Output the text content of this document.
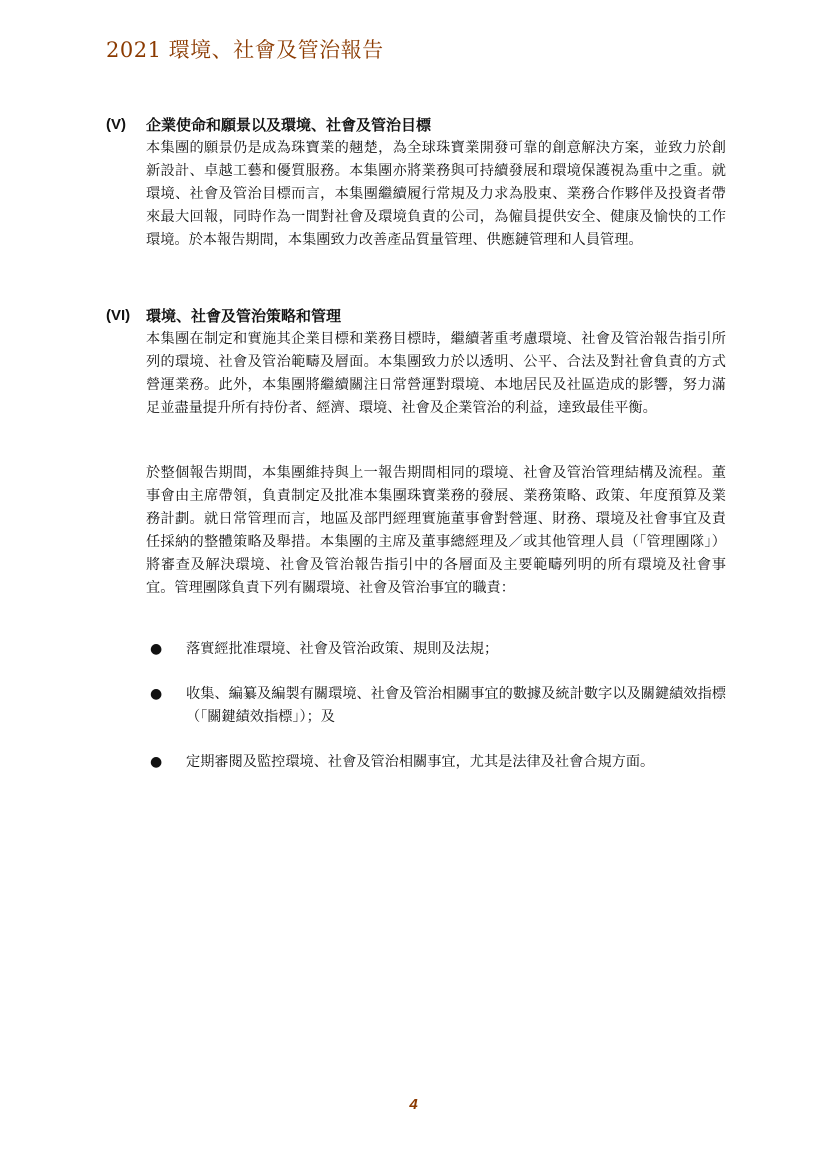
2021 環境、社會及管治報告
(V)	企業使命和願景以及環境、社會及管治目標
本集團的願景仍是成為珠寶業的翹楚，為全球珠寶業開發可靠的創意解決方案，並致力於創新設計、卓越工藝和優質服務。本集團亦將業務與可持續發展和環境保護視為重中之重。就環境、社會及管治目標而言，本集團繼續履行常規及力求為股東、業務合作夥伴及投資者帶來最大回報，同時作為一間對社會及環境負責的公司，為僱員提供安全、健康及愉快的工作環境。於本報告期間，本集團致力改善產品質量管理、供應鏈管理和人員管理。
(VI)	環境、社會及管治策略和管理
本集團在制定和實施其企業目標和業務目標時，繼續著重考慮環境、社會及管治報告指引所列的環境、社會及管治範疇及層面。本集團致力於以透明、公平、合法及對社會負責的方式營運業務。此外，本集團將繼續關注日常營運對環境、本地居民及社區造成的影響，努力滿足並盡量提升所有持份者、經濟、環境、社會及企業管治的利益，達致最佳平衡。
於整個報告期間，本集團維持與上一報告期間相同的環境、社會及管治管理結構及流程。董事會由主席帶領，負責制定及批准本集團珠寶業務的發展、業務策略、政策、年度預算及業務計劃。就日常管理而言，地區及部門經理實施董事會對營運、財務、環境及社會事宜及責任採納的整體策略及舉措。本集團的主席及董事總經理及／或其他管理人員（「管理團隊」）將審查及解決環境、社會及管治報告指引中的各層面及主要範疇列明的所有環境及社會事宜。管理團隊負責下列有關環境、社會及管治事宜的職責：
●	落實經批准環境、社會及管治政策、規則及法規；
●	收集、編纂及編製有關環境、社會及管治相關事宜的數據及統計數字以及關鍵績效指標（「關鍵績效指標」）；及
●	定期審閱及監控環境、社會及管治相關事宜，尤其是法律及社會合規方面。
4
